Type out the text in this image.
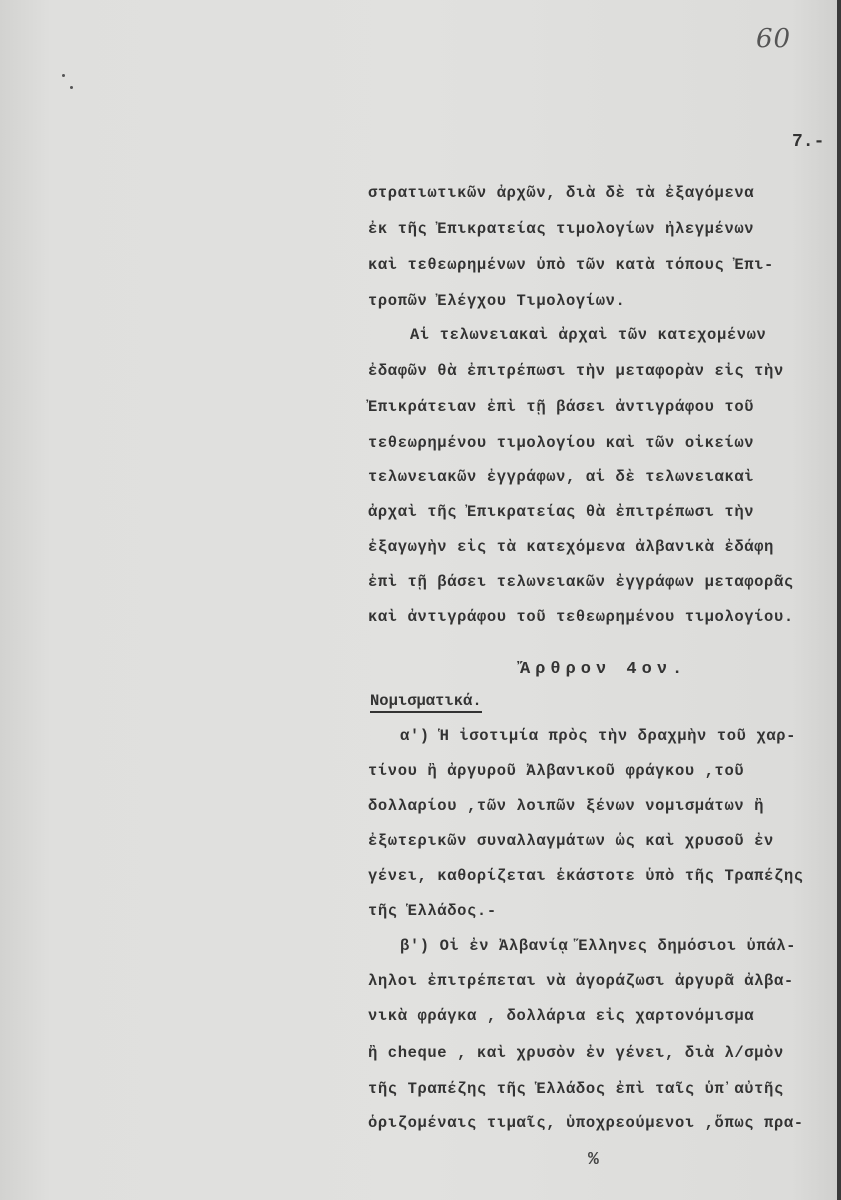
60
7.-
στρατιωτικῶν ἀρχῶν, διὰ δὲ τὰ ἐξαγόμενα
ἐκ τῆς Ἐπικρατείας τιμολογίων ἠλεγμένων
καὶ τεθεωρημένων ὑπὸ τῶν κατὰ τόπους Ἐπι-
τροπῶν Ἐλέγχου Τιμολογίων.
Αἱ τελωνειακαὶ ἀρχαὶ τῶν κατεχομένων
ἐδαφῶν θὰ ἐπιτρέπωσι τὴν μεταφορὰν εἰς τὴν
Ἐπικράτειαν ἐπὶ τῇ βάσει ἀντιγράφου τοῦ
τεθεωρημένου τιμολογίου καὶ τῶν οἰκείων
τελωνειακῶν ἐγγράφων, αἱ δὲ τελωνειακαὶ
ἀρχαὶ τῆς Ἐπικρατείας θὰ ἐπιτρέπωσι τὴν
ἐξαγωγὴν εἰς τὰ κατεχόμενα ἀλβανικὰ ἐδάφη
ἐπὶ τῇ βάσει τελωνειακῶν ἐγγράφων μεταφορᾶς
καὶ ἀντιγράφου τοῦ τεθεωρημένου τιμολογίου.
Ἄρθρον 4ον.
Νομισματικά.
α') Ἡ ἰσοτιμία πρὸς τὴν δραχμὴν τοῦ χαρ-
τίνου ἢ ἀργυροῦ Ἀλβανικοῦ φράγκου ,τοῦ
δολλαρίου ,τῶν λοιπῶν ξένων νομισμάτων ἢ
ἐξωτερικῶν συναλλαγμάτων ὡς καὶ χρυσοῦ ἐν
γένει, καθορίζεται ἑκάστοτε ὑπὸ τῆς Τραπέζης
τῆς Ἑλλάδος.-
β') Οἱ ἐν Ἀλβανίᾳ Ἕλληνες δημόσιοι ὑπάλ-
ληλοι ἐπιτρέπεται νὰ ἀγοράζωσι ἀργυρᾶ ἀλβα-
νικὰ φράγκα , δολλάρια εἰς χαρτονόμισμα
ἢ cheque , καὶ χρυσὸν ἐν γένει, διὰ λ/σμὸν
τῆς Τραπέζης τῆς Ἑλλάδος ἐπὶ ταῖς ὑπ᾽αὐτῆς
ὁριζομέναις τιμαῖς, ὑποχρεούμενοι ,ὅπως πρα-
%
